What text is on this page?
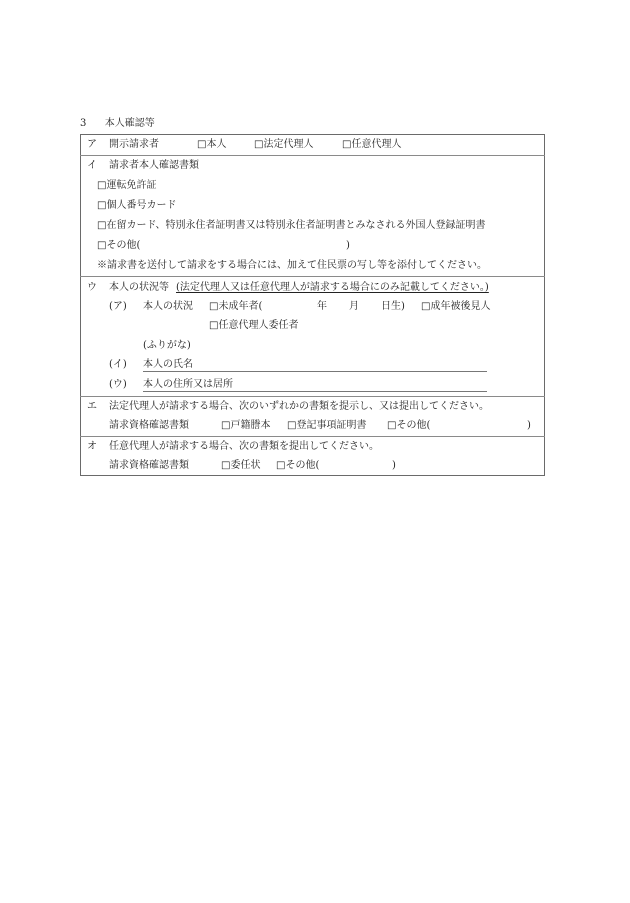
3 本人確認等
ア 開示請求者	□本人	□法定代理人	□任意代理人
イ 請求者本人確認書類
□運転免許証
□個人番号カード
□在留カード、特別永住者証明書又は特別永住者証明書とみなされる外国人登録証明書
□その他(	)
※請求書を送付して請求をする場合には、加えて住民票の写し等を添付してください。
ウ 本人の状況等 (法定代理人又は任意代理人が請求する場合にのみ記載してください。)
(ア) 本人の状況 □未成年者(	年 月 日生) □成年被後見人
□任意代理人委任者
(ふりがな)
(イ) 本人の氏名
(ウ) 本人の住所又は居所
エ 法定代理人が請求する場合、次のいずれかの書類を提示し、又は提出してください。
請求資格確認書類	□戸籍謄本 □登記事項証明書 □その他(	)
オ 任意代理人が請求する場合、次の書類を提出してください。
請求資格確認書類	□委任状 □その他(	)
